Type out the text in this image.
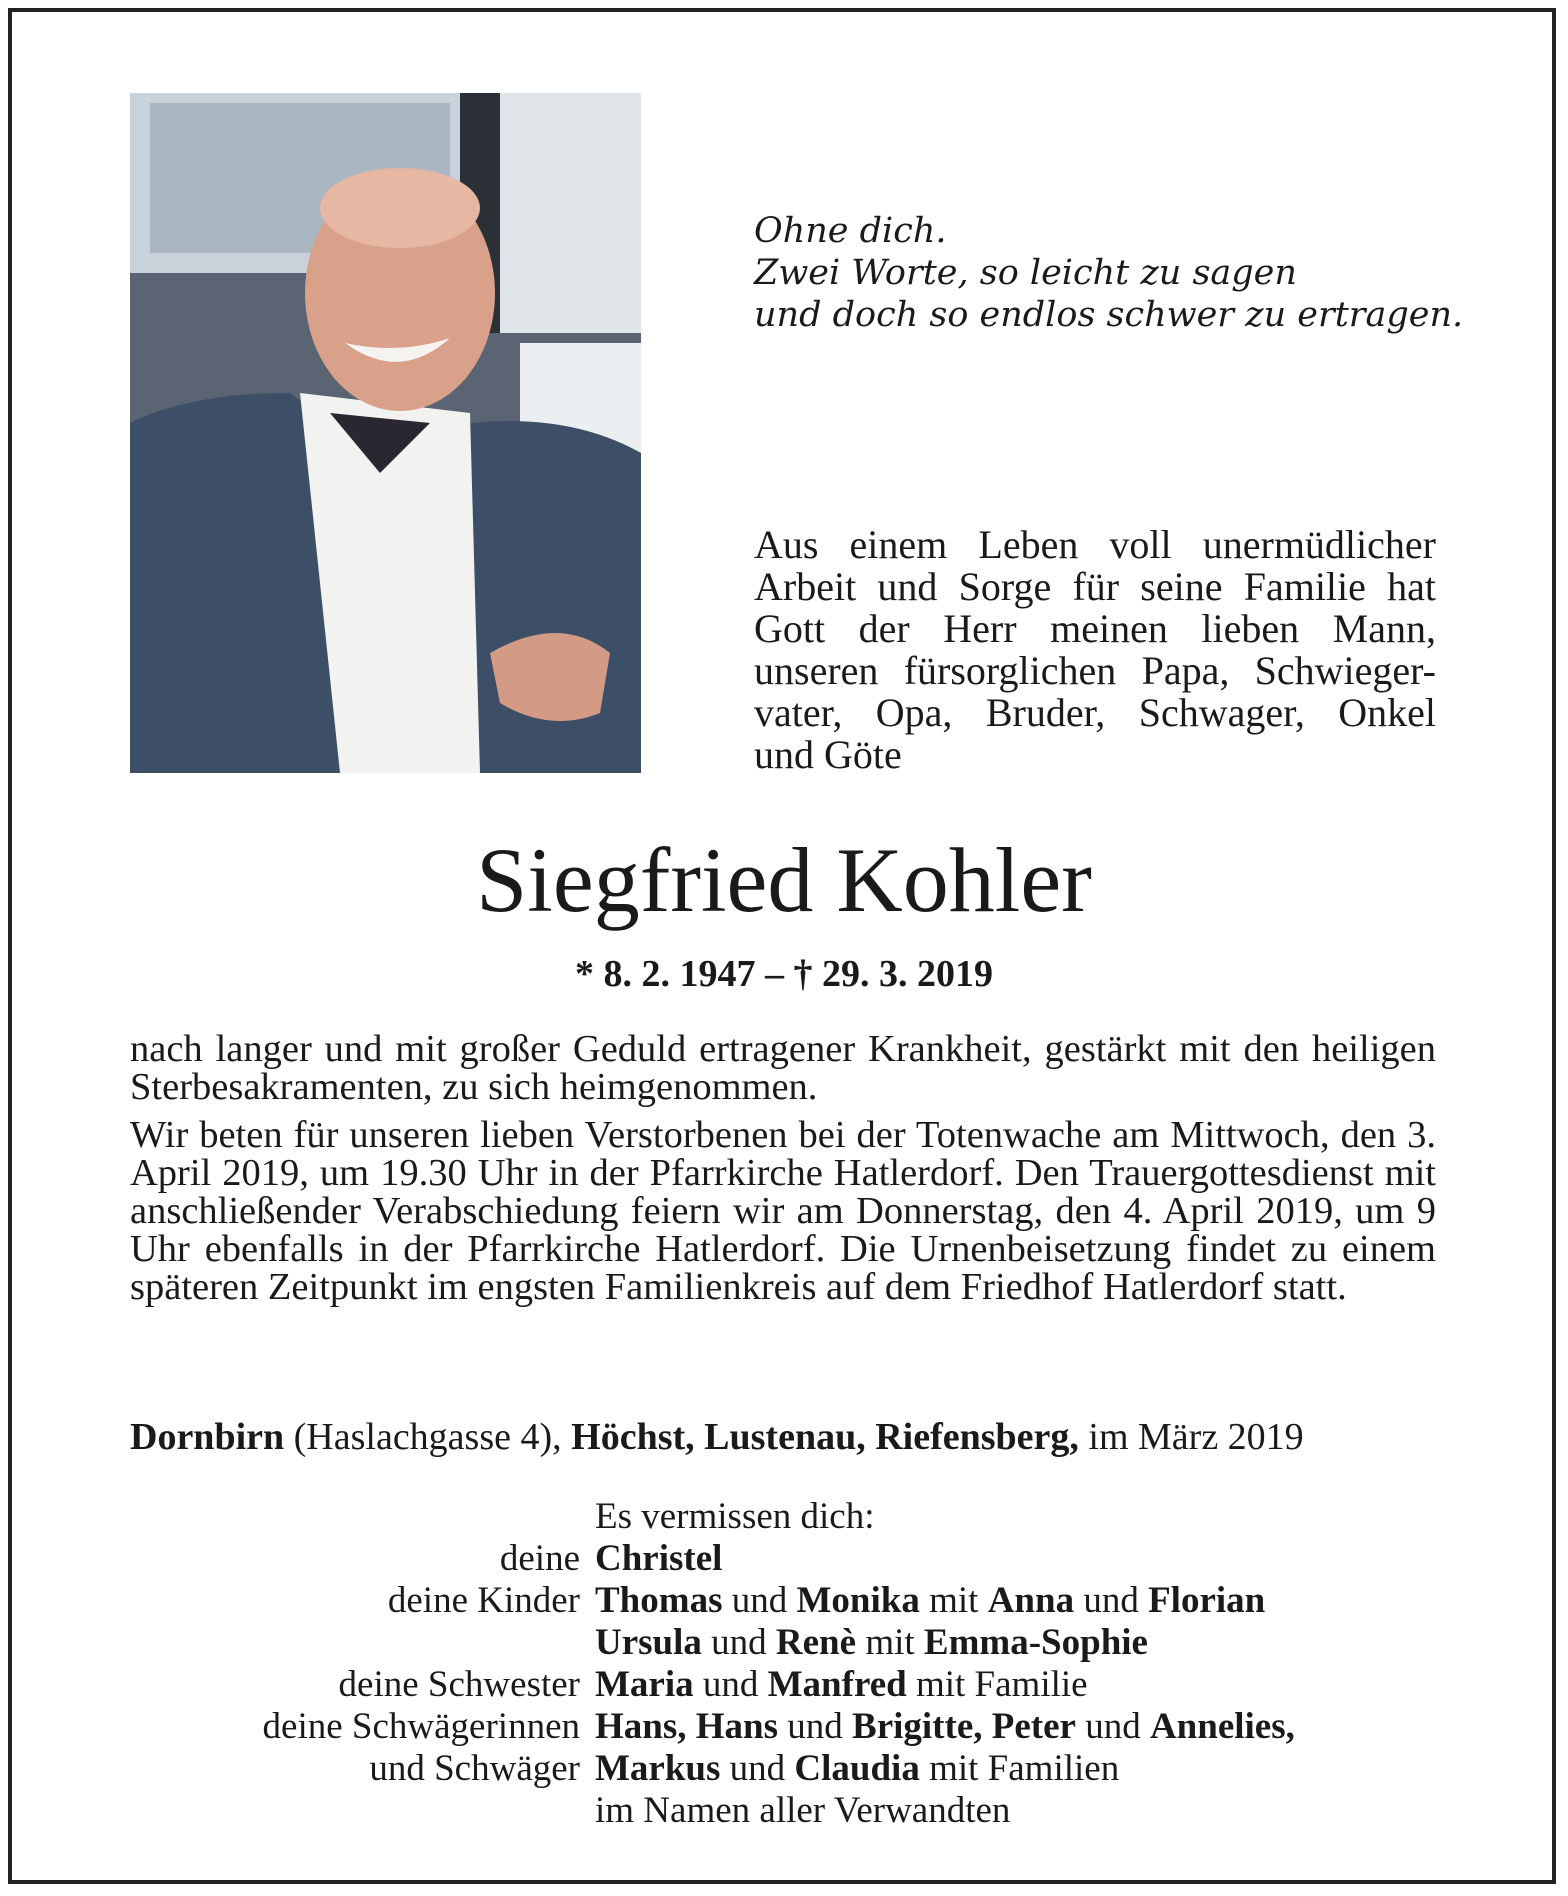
Ohne dich.
Zwei Worte, so leicht zu sagen
und doch so endlos schwer zu ertragen.
Aus einem Leben voll unermüdlicher
Arbeit und Sorge für seine Familie hat
Gott der Herr meinen lieben Mann,
unseren fürsorglichen Papa, Schwieger-
vater, Opa, Bruder, Schwager, Onkel
und Göte
Siegfried Kohler
* 8. 2. 1947 – † 29. 3. 2019
nach langer und mit großer Geduld ertragener Krankheit, gestärkt mit den heiligen Sterbesakramenten, zu sich heimgenommen.
Wir beten für unseren lieben Verstorbenen bei der Totenwache am Mittwoch, den 3. April 2019, um 19.30 Uhr in der Pfarrkirche Hatlerdorf. Den Trauergottesdienst mit anschließender Verabschiedung feiern wir am Donnerstag, den 4. April 2019, um 9 Uhr ebenfalls in der Pfarrkirche Hatlerdorf. Die Urnenbeisetzung findet zu einem späteren Zeitpunkt im engsten Familienkreis auf dem Friedhof Hatlerdorf statt.
Dornbirn (Haslachgasse 4), Höchst, Lustenau, Riefensberg, im März 2019
Es vermissen dich:
deine Christel
deine Kinder Thomas und Monika mit Anna und Florian
Ursula und Renè mit Emma-Sophie
deine Schwester Maria und Manfred mit Familie
deine Schwägerinnen Hans, Hans und Brigitte, Peter und Annelies,
und Schwäger Markus und Claudia mit Familien
im Namen aller Verwandten
